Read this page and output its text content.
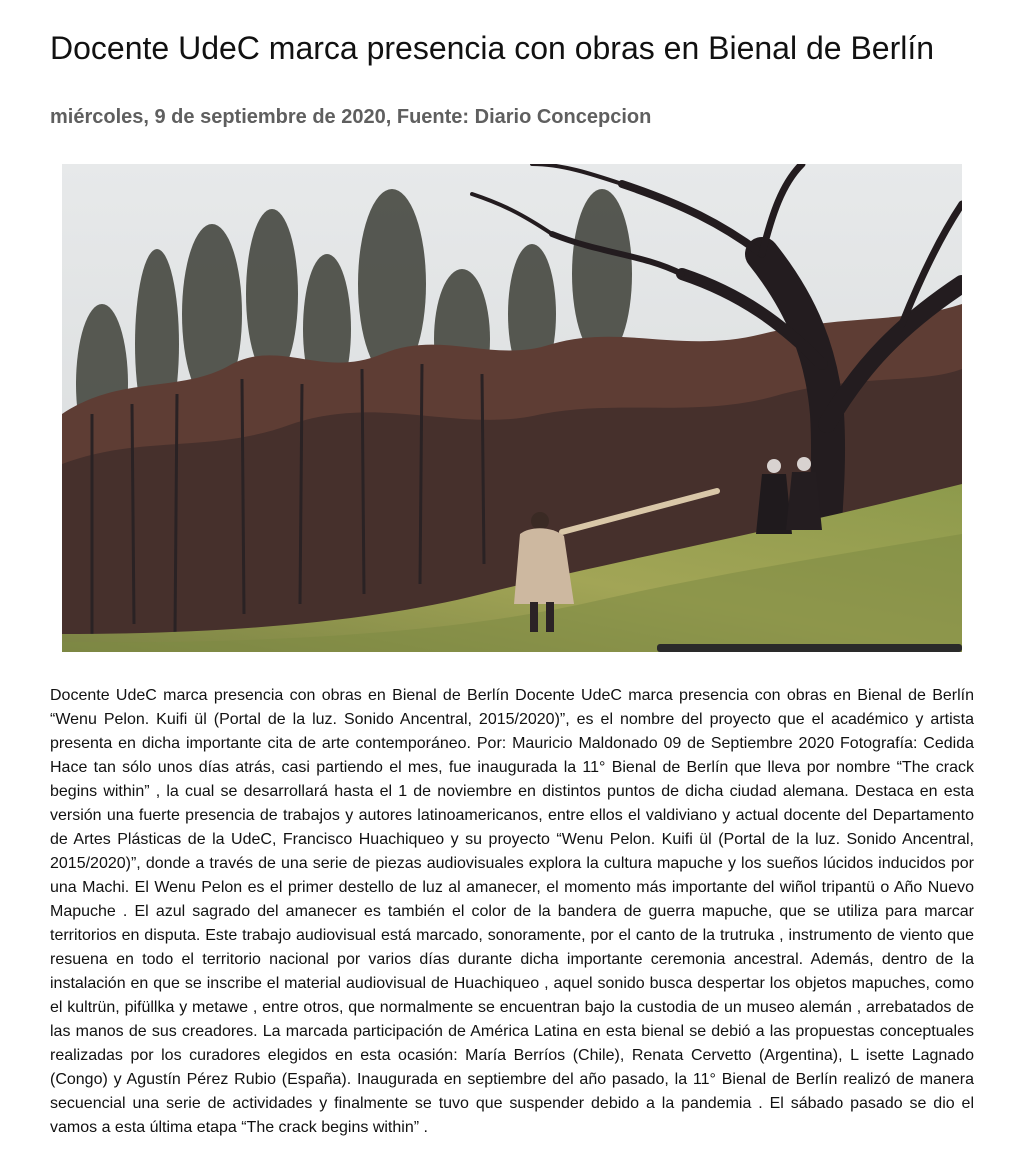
Docente UdeC marca presencia con obras en Bienal de Berlín

miércoles, 9 de septiembre de 2020, Fuente: Diario Concepcion

Docente UdeC marca presencia con obras en Bienal de Berlín Docente UdeC marca presencia con obras en Bienal de Berlín “Wenu Pelon. Kuifi ül (Portal de la luz. Sonido Ancentral, 2015/2020)”, es el nombre del proyecto que el académico y artista presenta en dicha importante cita de arte contemporáneo. Por: Mauricio Maldonado 09 de Septiembre 2020 Fotografía: Cedida Hace tan sólo unos días atrás, casi partiendo el mes, fue inaugurada la 11° Bienal de Berlín que lleva por nombre “The crack begins within” , la cual se desarrollará hasta el 1 de noviembre en distintos puntos de dicha ciudad alemana. Destaca en esta versión una fuerte presencia de trabajos y autores latinoamericanos, entre ellos el valdiviano y actual docente del Departamento de Artes Plásticas de la UdeC, Francisco Huachiqueo y su proyecto “Wenu Pelon. Kuifi ül (Portal de la luz. Sonido Ancentral, 2015/2020)”, donde a través de una serie de piezas audiovisuales explora la cultura mapuche y los sueños lúcidos inducidos por una Machi. El Wenu Pelon es el primer destello de luz al amanecer, el momento más importante del wiñol tripantü o Año Nuevo Mapuche . El azul sagrado del amanecer es también el color de la bandera de guerra mapuche, que se utiliza para marcar territorios en disputa. Este trabajo audiovisual está marcado, sonoramente, por el canto de la trutruka , instrumento de viento que resuena en todo el territorio nacional por varios días durante dicha importante ceremonia ancestral. Además, dentro de la instalación en que se inscribe el material audiovisual de Huachiqueo , aquel sonido busca despertar los objetos mapuches, como el kultrün, pifüllka y metawe , entre otros, que normalmente se encuentran bajo la custodia de un museo alemán , arrebatados de las manos de sus creadores. La marcada participación de América Latina en esta bienal se debió a las propuestas conceptuales realizadas por los curadores elegidos en esta ocasión: María Berríos (Chile), Renata Cervetto (Argentina), L isette Lagnado (Congo) y Agustín Pérez Rubio (España). Inaugurada en septiembre del año pasado, la 11° Bienal de Berlín realizó de manera secuencial una serie de actividades y finalmente se tuvo que suspender debido a la pandemia . El sábado pasado se dio el vamos a esta última etapa “The crack begins within” .
